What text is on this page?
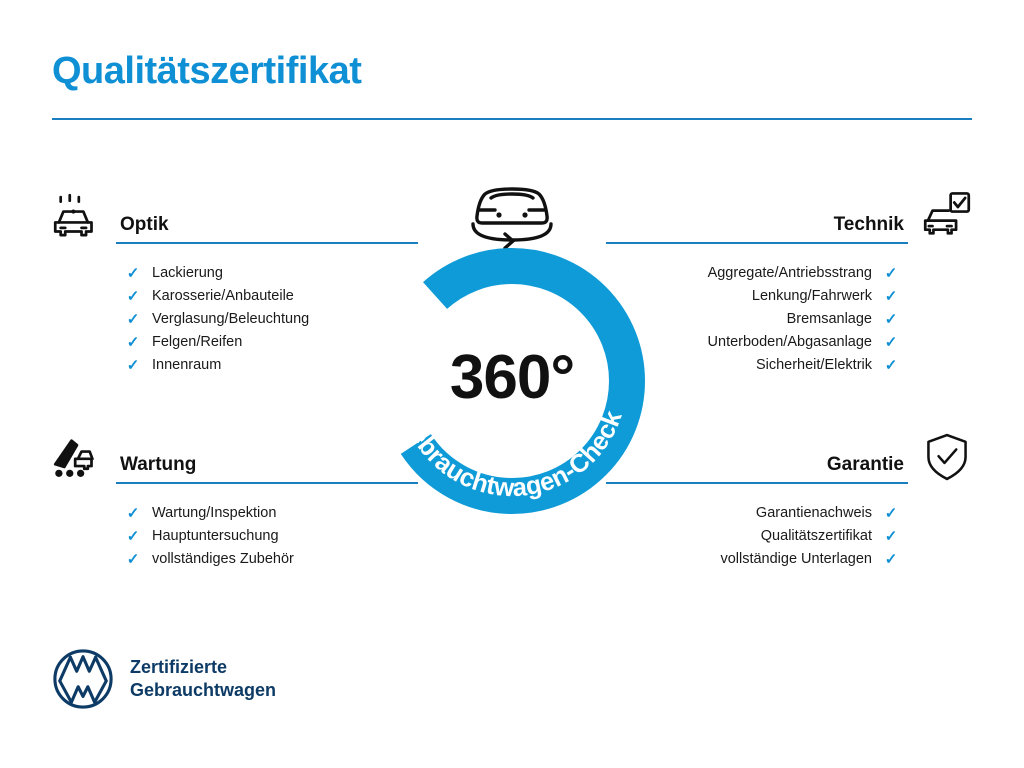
Qualitätszertifikat
Optik
✓ Lackierung
✓ Karosserie/Anbauteile
✓ Verglasung/Beleuchtung
✓ Felgen/Reifen
✓ Innenraum
Wartung
✓ Wartung/Inspektion
✓ Hauptuntersuchung
✓ vollständiges Zubehör
Technik
✓
Aggregate/Antriebsstrang
✓
Lenkung/Fahrwerk
✓
Bremsanlage
✓
Unterboden/Abgasanlage
✓
Sicherheit/Elektrik
Garantie
✓
Garantienachweis
✓
Qualitätszertifikat
✓
vollständige Unterlagen
Gebrauchtwagen-Check
360°
Zertifizierte
Gebrauchtwagen
